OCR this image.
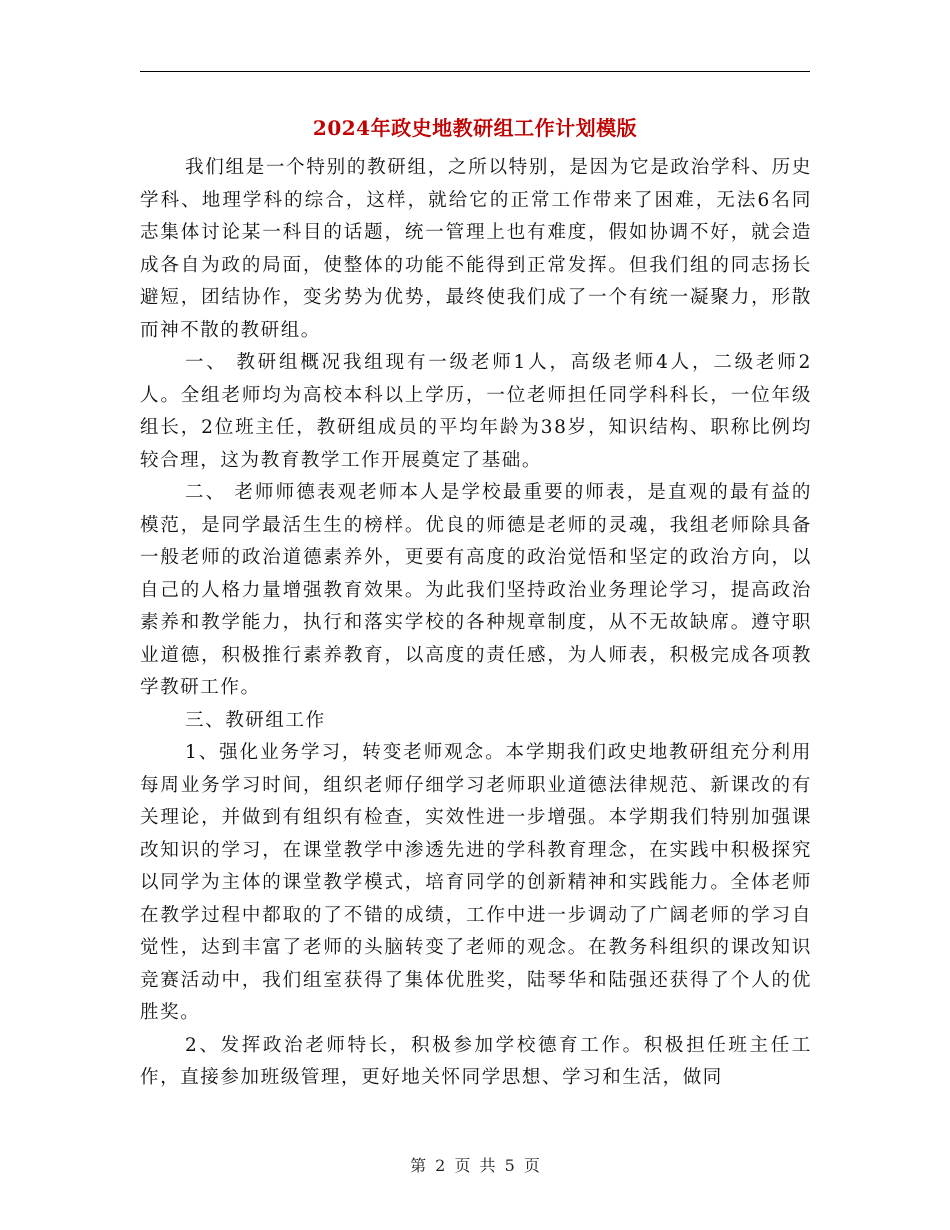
2024年政史地教研组工作计划模版

我们组是一个特别的教研组，之所以特别，是因为它是政治学科、历史学科、地理学科的综合，这样，就给它的正常工作带来了困难，无法6名同志集体讨论某一科目的话题，统一管理上也有难度，假如协调不好，就会造成各自为政的局面，使整体的功能不能得到正常发挥。但我们组的同志扬长避短，团结协作，变劣势为优势，最终使我们成了一个有统一凝聚力，形散而神不散的教研组。

一、 教研组概况我组现有一级老师1人，高级老师4人，二级老师2人。全组老师均为高校本科以上学历，一位老师担任同学科科长，一位年级组长，2位班主任，教研组成员的平均年龄为38岁，知识结构、职称比例均较合理，这为教育教学工作开展奠定了基础。

二、 老师师德表观老师本人是学校最重要的师表，是直观的最有益的模范，是同学最活生生的榜样。优良的师德是老师的灵魂，我组老师除具备一般老师的政治道德素养外，更要有高度的政治觉悟和坚定的政治方向，以自己的人格力量增强教育效果。为此我们坚持政治业务理论学习，提高政治素养和教学能力，执行和落实学校的各种规章制度，从不无故缺席。遵守职业道德，积极推行素养教育，以高度的责任感，为人师表，积极完成各项教学教研工作。

三、教研组工作

1、强化业务学习，转变老师观念。本学期我们政史地教研组充分利用每周业务学习时间，组织老师仔细学习老师职业道德法律规范、新课改的有关理论，并做到有组织有检查，实效性进一步增强。本学期我们特别加强课改知识的学习，在课堂教学中渗透先进的学科教育理念，在实践中积极探究以同学为主体的课堂教学模式，培育同学的创新精神和实践能力。全体老师在教学过程中都取的了不错的成绩，工作中进一步调动了广阔老师的学习自觉性，达到丰富了老师的头脑转变了老师的观念。在教务科组织的课改知识竞赛活动中，我们组室获得了集体优胜奖，陆琴华和陆强还获得了个人的优胜奖。

2、发挥政治老师特长，积极参加学校德育工作。积极担任班主任工作，直接参加班级管理，更好地关怀同学思想、学习和生活，做同

第 2 页 共 5 页
